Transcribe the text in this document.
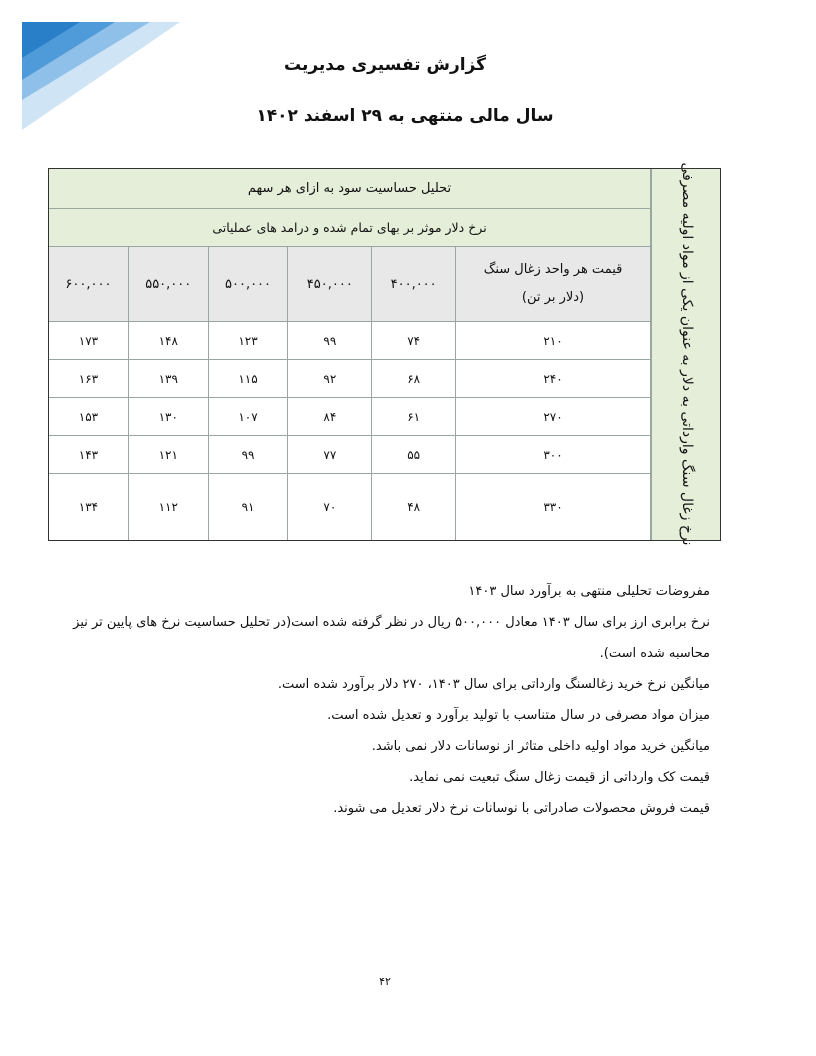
گزارش تفسیری مدیریت
سال مالی منتهی به ۲۹ اسفند ۱۴۰۲
نرخ زغال سنگ وارداتی به دلار به عنوان یکی از مواد اولیه مصرفی
تحلیل حساسیت سود به ازای هر سهم					
نرخ دلار موثر بر بهای تمام شده و درامد های عملیاتی					

قیمت هر واحد زغال سنگ
(دلار بر تن)	۴۰۰,۰۰۰	۴۵۰,۰۰۰	۵۰۰,۰۰۰	۵۵۰,۰۰۰	۶۰۰,۰۰۰
۲۱۰	۷۴	۹۹	۱۲۳	۱۴۸	۱۷۳
۲۴۰	۶۸	۹۲	۱۱۵	۱۳۹	۱۶۳
۲۷۰	۶۱	۸۴	۱۰۷	۱۳۰	۱۵۳
۳۰۰	۵۵	۷۷	۹۹	۱۲۱	۱۴۳
۳۳۰	۴۸	۷۰	۹۱	۱۱۲	۱۳۴

مفروضات تحلیلی منتهی به برآورد سال ۱۴۰۳

نرخ برابری ارز برای سال ۱۴۰۳ معادل ۵۰۰,۰۰۰ ریال در نظر گرفته شده است(در تحلیل حساسیت نرخ های پایین تر نیز محاسبه شده است).

میانگین نرخ خرید زغالسنگ وارداتی برای سال ۱۴۰۳، ۲۷۰ دلار برآورد شده است.

میزان مواد مصرفی در سال متناسب با تولید برآورد و تعدیل شده است.

میانگین خرید مواد اولیه داخلی متاثر از نوسانات دلار نمی باشد.

قیمت کک وارداتی از قیمت زغال سنگ تبعیت نمی نماید.

قیمت فروش محصولات صادراتی با نوسانات نرخ دلار تعدیل می شوند.

۴۲
